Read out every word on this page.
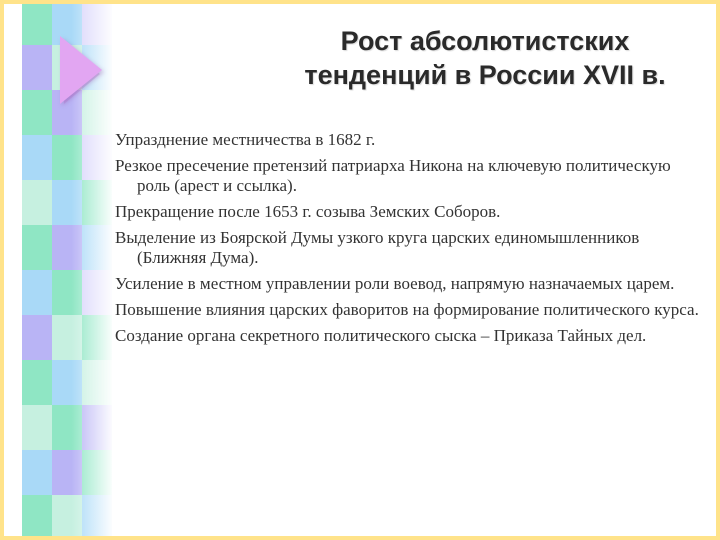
Рост абсолютистских
тенденций в России XVII в.
Упразднение местничества в 1682 г.
Резкое пресечение претензий патриарха Никона на ключевую политическую роль (арест и ссылка).
Прекращение после 1653 г. созыва Земских Соборов.
Выделение из Боярской Думы узкого круга царских единомышленников (Ближняя Дума).
Усиление в местном управлении роли воевод, напрямую назначаемых царем.
Повышение влияния царских фаворитов на формирование политического курса.
Создание органа секретного политического сыска – Приказа Тайных дел.
